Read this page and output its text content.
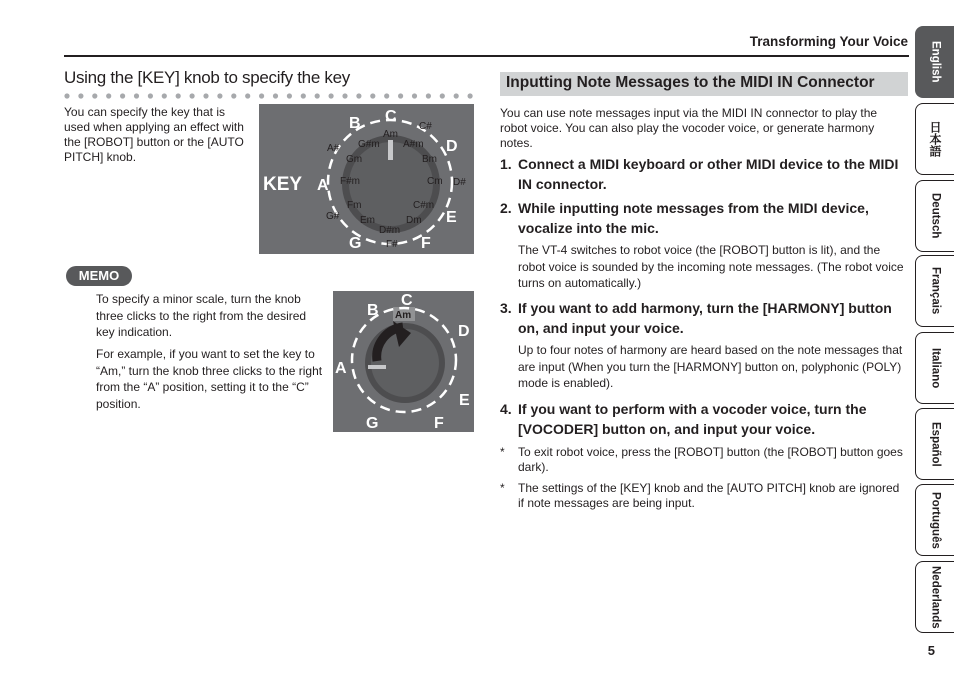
Transforming Your Voice
Using the [KEY] knob to specify the key
You can specify the key that is used when applying an effect with the [ROBOT] button or the [AUTO PITCH] knob.
KEY A
B C
D
E
F
G
Am
C#
G#m A#m
A#
Gm	Bm
F#m	Cm D#
Fm	C#m
G# Em	Dm
D#m
F#
MEMO
To specify a minor scale, turn the knob three clicks to the right from the desired key indication.
For example, if you want to set the key to “Am,” turn the knob three clicks to the right from the “A” position, setting it to the “C” position.
Am
A
B
C
D
E
F
G
Inputting Note Messages to the MIDI IN Connector
You can use note messages input via the MIDI IN connector to play the robot voice. You can also play the vocoder voice, or generate harmony notes.
1. Connect a MIDI keyboard or other MIDI device to the MIDI IN connector.
2. While inputting note messages from the MIDI device, vocalize into the mic.
The VT-4 switches to robot voice (the [ROBOT] button is lit), and the robot voice is sounded by the incoming note messages. (The robot voice turns on automatically.)
3. If you want to add harmony, turn the [HARMONY] button on, and input your voice.
Up to four notes of harmony are heard based on the note messages that are input (When you turn the [HARMONY] button on, polyphonic (POLY) mode is enabled).
4. If you want to perform with a vocoder voice, turn the [VOCODER] button on, and input your voice.
* To exit robot voice, press the [ROBOT] button (the [ROBOT] button goes dark).
* The settings of the [KEY] knob and the [AUTO PITCH] knob are ignored if note messages are being input.
English
日本語
Deutsch
Français
Italiano
Español
Português
Nederlands
5
